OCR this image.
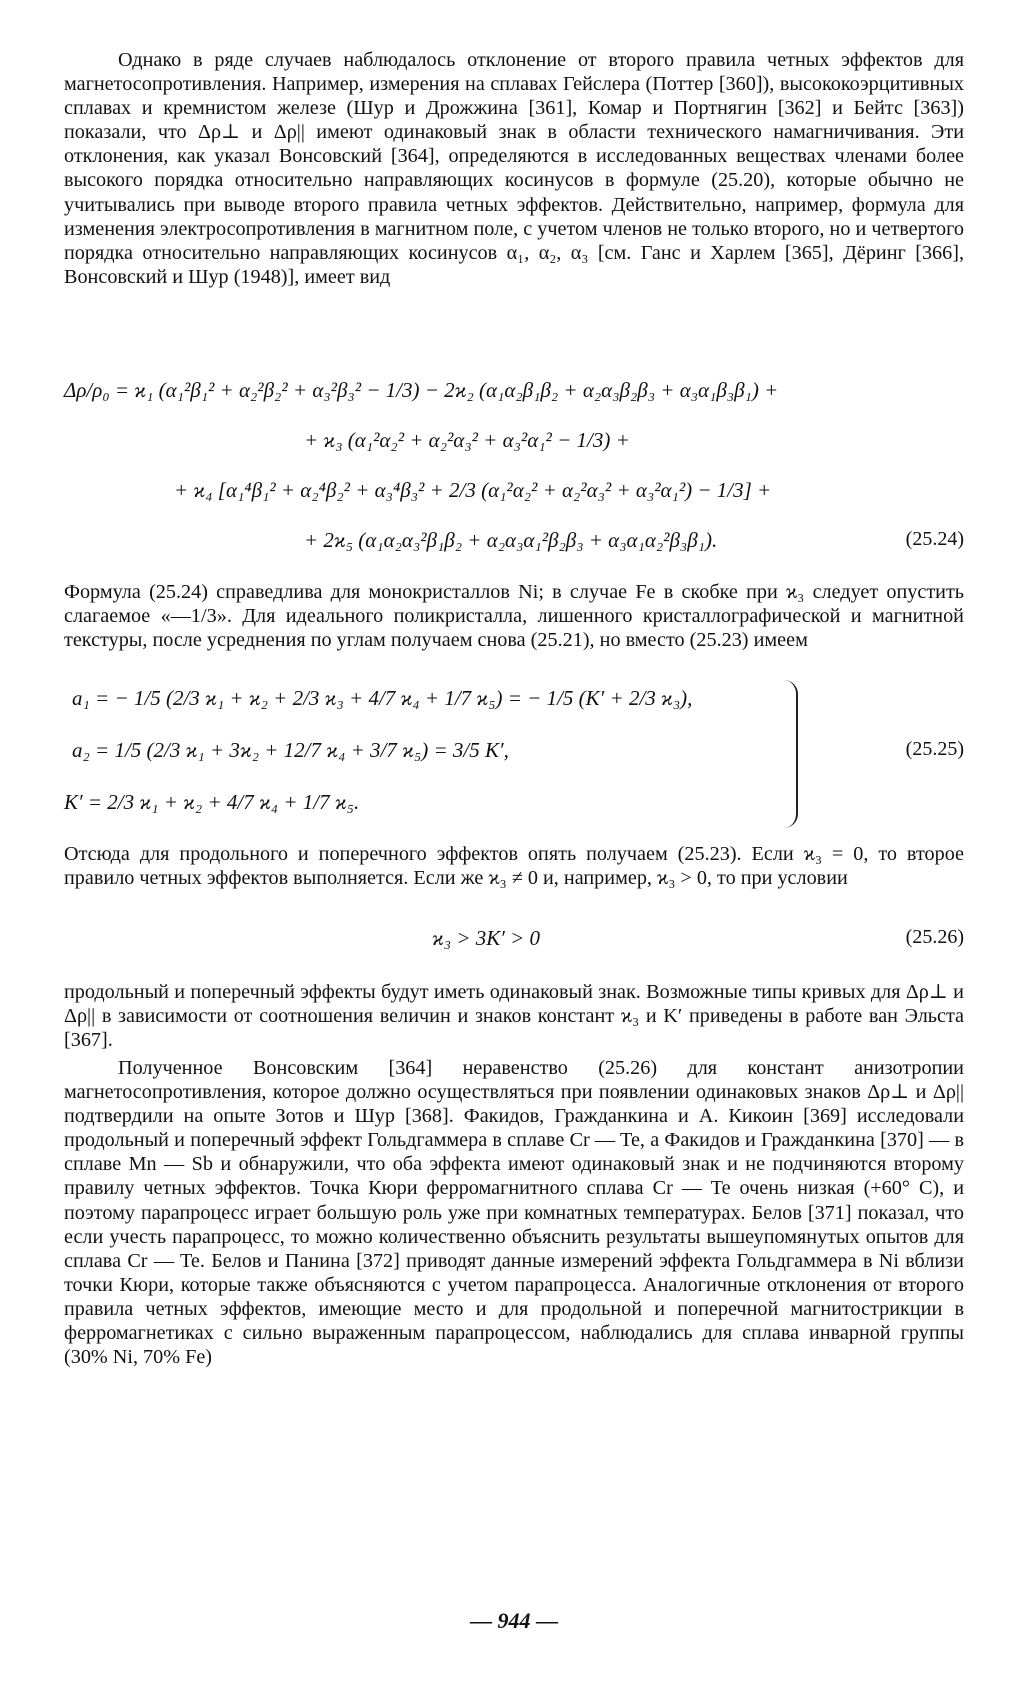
Однако в ряде случаев наблюдалось отклонение от второго правила четных эффектов для магнетосопротивления. Например, измерения на сплавах Гейслера (Поттер [360]), высококоэрцитивных сплавах и кремнистом железе (Шур и Дрожжина [361], Комар и Портнягин [362] и Бейтс [363]) показали, что Δρ⊥ и Δρ|| имеют одинаковый знак в области технического намагничивания. Эти отклонения, как указал Вонсовский [364], определяются в исследованных веществах членами более высокого порядка относительно направляющих косинусов в формуле (25.20), которые обычно не учитывались при выводе второго правила четных эффектов. Действительно, например, формула для изменения электросопротивления в магнитном поле, с учетом членов не только второго, но и четвертого порядка относительно направляющих косинусов α₁, α₂, α₃ [см. Ганс и Харлем [365], Дёринг [366], Вонсовский и Шур (1948)], имеет вид

Δρ/ρ₀ = ϰ₁ (α₁²β₁² + α₂²β₂² + α₃²β₃² − 1/3) − 2ϰ₂ (α₁α₂β₁β₂ + α₂α₃β₂β₃ + α₃α₁β₃β₁) +
+ ϰ₃ (α₁²α₂² + α₂²α₃² + α₃²α₁² − 1/3) +
+ ϰ₄ [α₁⁴β₁² + α₂⁴β₂² + α₃⁴β₃² + 2/3 (α₁²α₂² + α₂²α₃² + α₃²α₁²) − 1/3] +
+ 2ϰ₅ (α₁α₂α₃²β₁β₂ + α₂α₃α₁²β₂β₃ + α₃α₁α₂²β₃β₁).	(25.24)

Формула (25.24) справедлива для монокристаллов Ni; в случае Fe в скобке при ϰ₃ следует опустить слагаемое «—1/3». Для идеального поликристалла, лишенного кристаллографической и магнитной текстуры, после усреднения по углам получаем снова (25.21), но вместо (25.23) имеем

a₁ = − 1/5 (2/3 ϰ₁ + ϰ₂ + 2/3 ϰ₃ + 4/7 ϰ₄ + 1/7 ϰ₅) = − 1/5 (K′ + 2/3 ϰ₃),
a₂ = 1/5 (2/3 ϰ₁ + 3ϰ₂ + 12/7 ϰ₄ + 3/7 ϰ₅) = 3/5 K′,
K′ = 2/3 ϰ₁ + ϰ₂ + 4/7 ϰ₄ + 1/7 ϰ₅.
(25.25)

Отсюда для продольного и поперечного эффектов опять получаем (25.23). Если ϰ₃ = 0, то второе правило четных эффектов выполняется. Если же ϰ₃ ≠ 0 и, например, ϰ₃ > 0, то при условии

ϰ₃ > 3K′ > 0	(25.26)

продольный и поперечный эффекты будут иметь одинаковый знак. Возможные типы кривых для Δρ⊥ и Δρ|| в зависимости от соотношения величин и знаков констант ϰ₃ и K′ приведены в работе ван Эльста [367].

Полученное Вонсовским [364] неравенство (25.26) для констант анизотропии магнетосопротивления, которое должно осуществляться при появлении одинаковых знаков Δρ⊥ и Δρ|| подтвердили на опыте Зотов и Шур [368]. Факидов, Гражданкина и А. Кикоин [369] исследовали продольный и поперечный эффект Гольдгаммера в сплаве Cr — Te, а Факидов и Гражданкина [370] — в сплаве Mn — Sb и обнаружили, что оба эффекта имеют одинаковый знак и не подчиняются второму правилу четных эффектов. Точка Кюри ферромагнитного сплава Cr — Te очень низкая (+60° C), и поэтому парапроцесс играет большую роль уже при комнатных температурах. Белов [371] показал, что если учесть парапроцесс, то можно количественно объяснить результаты вышеупомянутых опытов для сплава Cr — Te. Белов и Панина [372] приводят данные измерений эффекта Гольдгаммера в Ni вблизи точки Кюри, которые также объясняются с учетом парапроцесса. Аналогичные отклонения от второго правила четных эффектов, имеющие место и для продольной и поперечной магнитострикции в ферромагнетиках с сильно выраженным парапроцессом, наблюдались для сплава инварной группы (30% Ni, 70% Fe)

— 944 —
